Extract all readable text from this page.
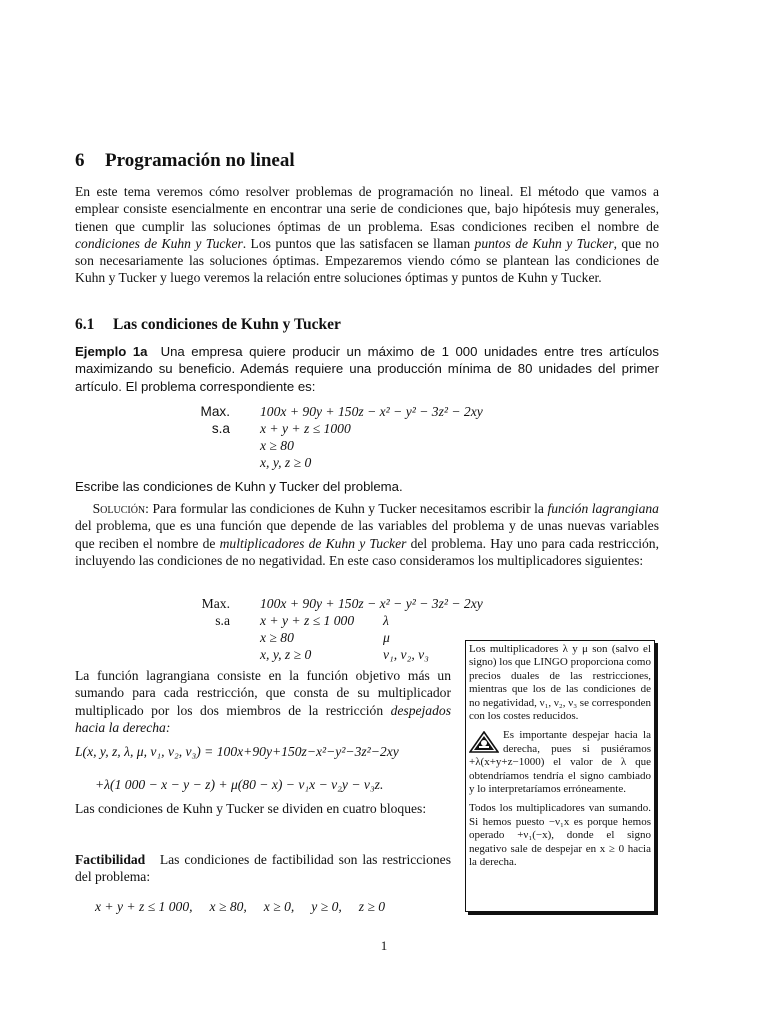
6 Programación no lineal

En este tema veremos cómo resolver problemas de programación no lineal. El método que vamos a emplear consiste esencialmente en encontrar una serie de condiciones que, bajo hipótesis muy generales, tienen que cumplir las soluciones óptimas de un problema. Esas condiciones reciben el nombre de condiciones de Kuhn y Tucker. Los puntos que las satisfacen se llaman puntos de Kuhn y Tucker, que no son necesariamente las soluciones óptimas. Empezaremos viendo cómo se plantean las condiciones de Kuhn y Tucker y luego veremos la relación entre soluciones óptimas y puntos de Kuhn y Tucker.

6.1 Las condiciones de Kuhn y Tucker
Ejemplo 1a Una empresa quiere producir un máximo de 1 000 unidades entre tres artículos maximizando su beneficio. Además requiere una producción mínima de 80 unidades del primer artículo. El problema correspondiente es:
Max. 100x + 90y + 150z − x² − y² − 3z² − 2xy
s.a x + y + z ≤ 1000
x ≥ 80
x, y, z ≥ 0
Escribe las condiciones de Kuhn y Tucker del problema.

Solución: Para formular las condiciones de Kuhn y Tucker necesitamos escribir la función lagrangiana del problema, que es una función que depende de las variables del problema y de unas nuevas variables que reciben el nombre de multiplicadores de Kuhn y Tucker del problema. Hay uno para cada restricción, incluyendo las condiciones de no negatividad. En este caso consideramos los multiplicadores siguientes:

Max. 100x + 90y + 150z − x² − y² − 3z² − 2xy
s.a x + y + z ≤ 1 000 λ
x ≥ 80	μ
x, y, z ≥ 0	ν₁, ν₂, ν₃

La función lagrangiana consiste en la función objetivo más un sumando para cada restricción, que consta de su multiplicador multiplicado por los dos miembros de la restricción despejados hacia la derecha:

L(x, y, z, λ, μ, ν₁, ν₂, ν₃) = 100x+90y+150z−x²−y²−3z²−2xy
+λ(1 000 − x − y − z) + μ(80 − x) − ν₁x − ν₂y − ν₃z.

Las condiciones de Kuhn y Tucker se dividen en cuatro bloques:

Factibilidad Las condiciones de factibilidad son las restricciones del problema:

x + y + z ≤ 1 000,     x ≥ 80,     x ≥ 0,     y ≥ 0,     z ≥ 0

Los multiplicadores λ y μ son (salvo el signo) los que LINGO proporciona como precios duales de las restricciones, mientras que los de las condiciones de no negatividad, ν₁, ν₂, ν₃ se corresponden con los costes reducidos.

Es importante despejar hacia la derecha, pues si pusiéramos +λ(x+y+z−1000) el valor de λ que obtendríamos tendría el signo cambiado y lo interpretaríamos erróneamente.

Todos los multiplicadores van sumando. Si hemos puesto −ν₁x es porque hemos operado +ν₁(−x), donde el signo negativo sale de despejar en x ≥ 0 hacia la derecha.

1
